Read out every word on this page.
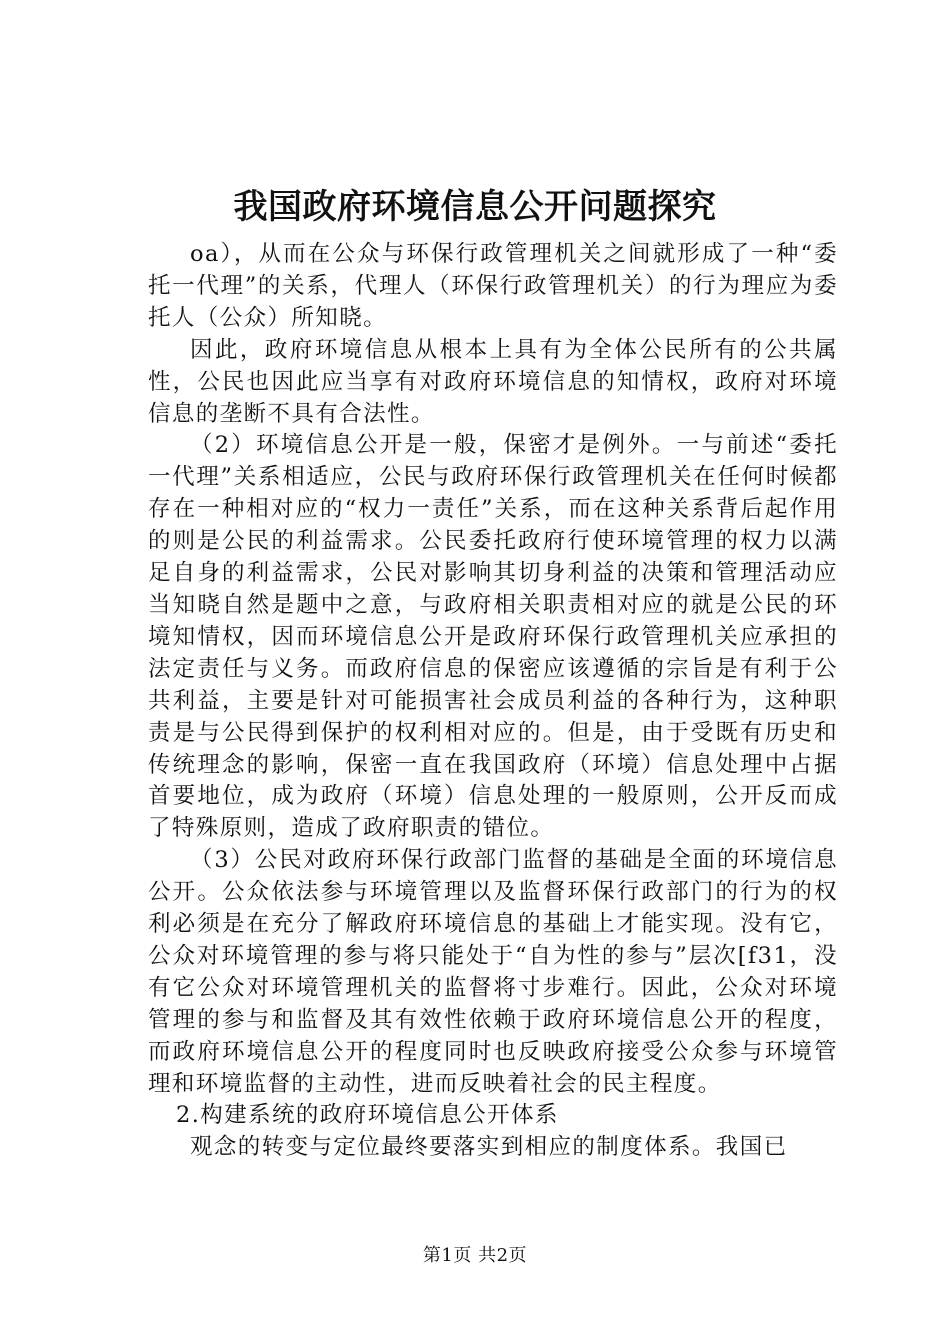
我国政府环境信息公开问题探究

oa），从而在公众与环保行政管理机关之间就形成了一种“委托一代理”的关系，代理人（环保行政管理机关）的行为理应为委托人（公众）所知晓。

因此，政府环境信息从根本上具有为全体公民所有的公共属性，公民也因此应当享有对政府环境信息的知情权，政府对环境信息的垄断不具有合法性。

（2）环境信息公开是一般，保密才是例外。一与前述“委托一代理”关系相适应，公民与政府环保行政管理机关在任何时候都存在一种相对应的“权力一责任”关系，而在这种关系背后起作用的则是公民的利益需求。公民委托政府行使环境管理的权力以满足自身的利益需求，公民对影响其切身利益的决策和管理活动应当知晓自然是题中之意，与政府相关职责相对应的就是公民的环境知情权，因而环境信息公开是政府环保行政管理机关应承担的法定责任与义务。而政府信息的保密应该遵循的宗旨是有利于公共利益，主要是针对可能损害社会成员利益的各种行为，这种职责是与公民得到保护的权利相对应的。但是，由于受既有历史和传统理念的影响，保密一直在我国政府（环境）信息处理中占据首要地位，成为政府（环境）信息处理的一般原则，公开反而成了特殊原则，造成了政府职责的错位。

（3）公民对政府环保行政部门监督的基础是全面的环境信息公开。公众依法参与环境管理以及监督环保行政部门的行为的权利必须是在充分了解政府环境信息的基础上才能实现。没有它，公众对环境管理的参与将只能处于“自为性的参与”层次[f31，没有它公众对环境管理机关的监督将寸步难行。因此，公众对环境管理的参与和监督及其有效性依赖于政府环境信息公开的程度，而政府环境信息公开的程度同时也反映政府接受公众参与环境管理和环境监督的主动性，进而反映着社会的民主程度。

2.构建系统的政府环境信息公开体系

观念的转变与定位最终要落实到相应的制度体系。我国已

第1页 共2页
